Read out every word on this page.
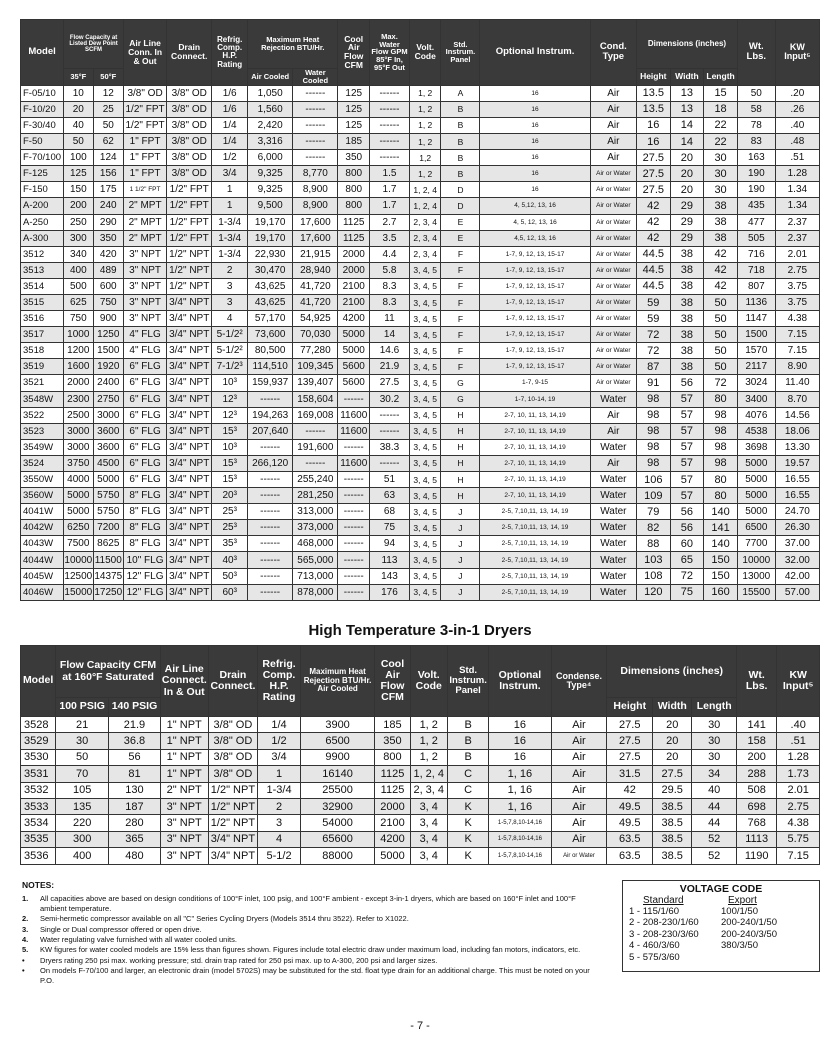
Model	Flow Capacity at Listed Dew Point SCFM		Air Line Conn. In & Out	Drain Connect.	Refrig. Comp. H.P. Rating	Maximum Heat Rejection BTU/Hr.		Cool Air Flow CFM	Max. Water Flow GPM 85°F In, 95°F Out	Volt. Code	Std. Instrum. Panel	Optional Instrum.	Cond. Type	Dimensions (inches)			Wt. Lbs.	KW Input⁵
	35°F	50°F				Air Cooled	Water Cooled							Height	Width	Length		
F-05/10	10	12	3/8" OD	3/8" OD	1/6	1,050	------	125	------	1, 2	A	16	Air	13.5	13	15	50	.20
F-10/20	20	25	1/2" FPT	3/8" OD	1/6	1,560	------	125	------	1, 2	B	16	Air	13.5	13	18	58	.26
F-30/40	40	50	1/2" FPT	3/8" OD	1/4	2,420	------	125	------	1, 2	B	16	Air	16	14	22	78	.40
F-50	50	62	1" FPT	3/8" OD	1/4	3,316	------	185	------	1, 2	B	16	Air	16	14	22	83	.48
F-70/100	100	124	1" FPT	3/8" OD	1/2	6,000	------	350	------	1,2	B	16	Air	27.5	20	30	163	.51
F-125	125	156	1" FPT	3/8" OD	3/4	9,325	8,770	800	1.5	1, 2	B	16	Air or Water	27.5	20	30	190	1.28
F-150	150	175	1 1/2" FPT	1/2" FPT	1	9,325	8,900	800	1.7	1, 2, 4	D	16	Air or Water	27.5	20	30	190	1.34
A-200	200	240	2" MPT	1/2" FPT	1	9,500	8,900	800	1.7	1, 2, 4	D	4, 5,12, 13, 16	Air or Water	42	29	38	435	1.34
A-250	250	290	2" MPT	1/2" FPT	1-3/4	19,170	17,600	1125	2.7	2, 3, 4	E	4, 5, 12, 13, 16	Air or Water	42	29	38	477	2.37
A-300	300	350	2" MPT	1/2" FPT	1-3/4	19,170	17,600	1125	3.5	2, 3, 4	E	4,5, 12, 13, 16	Air or Water	42	29	38	505	2.37
3512	340	420	3" NPT	1/2" NPT	1-3/4	22,930	21,915	2000	4.4	2, 3, 4	F	1-7, 9, 12, 13, 15-17	Air or Water	44.5	38	42	716	2.01
3513	400	489	3" NPT	1/2" NPT	2	30,470	28,940	2000	5.8	3, 4, 5	F	1-7, 9, 12, 13, 15-17	Air or Water	44.5	38	42	718	2.75
3514	500	600	3" NPT	1/2" NPT	3	43,625	41,720	2100	8.3	3, 4, 5	F	1-7, 9, 12, 13, 15-17	Air or Water	44.5	38	42	807	3.75
3515	625	750	3" NPT	3/4" NPT	3	43,625	41,720	2100	8.3	3, 4, 5	F	1-7, 9, 12, 13, 15-17	Air or Water	59	38	50	1136	3.75
3516	750	900	3" NPT	3/4" NPT	4	57,170	54,925	4200	11	3, 4, 5	F	1-7, 9, 12, 13, 15-17	Air or Water	59	38	50	1147	4.38
3517	1000	1250	4" FLG	3/4" NPT	5-1/2²	73,600	70,030	5000	14	3, 4, 5	F	1-7, 9, 12, 13, 15-17	Air or Water	72	38	50	1500	7.15
3518	1200	1500	4" FLG	3/4" NPT	5-1/2²	80,500	77,280	5000	14.6	3, 4, 5	F	1-7, 9, 12, 13, 15-17	Air or Water	72	38	50	1570	7.15
3519	1600	1920	6" FLG	3/4" NPT	7-1/2³	114,510	109,345	5600	21.9	3, 4, 5	F	1-7, 9, 12, 13, 15-17	Air or Water	87	38	50	2117	8.90
3521	2000	2400	6" FLG	3/4" NPT	10³	159,937	139,407	5600	27.5	3, 4, 5	G	1-7, 9-15	Air or Water	91	56	72	3024	11.40
3548W	2300	2750	6" FLG	3/4" NPT	12³	------	158,604	------	30.2	3, 4, 5	G	1-7, 10-14, 19	Water	98	57	80	3400	8.70
3522	2500	3000	6" FLG	3/4" NPT	12³	194,263	169,008	11600	------	3, 4, 5	H	2-7, 10, 11, 13, 14,19	Air	98	57	98	4076	14.56
3523	3000	3600	6" FLG	3/4" NPT	15³	207,640	------	11600	------	3, 4, 5	H	2-7, 10, 11, 13, 14,19	Air	98	57	98	4538	18.06
3549W	3000	3600	6" FLG	3/4" NPT	10³	------	191,600	------	38.3	3, 4, 5	H	2-7, 10, 11, 13, 14,19	Water	98	57	98	3698	13.30
3524	3750	4500	6" FLG	3/4" NPT	15³	266,120	------	11600	------	3, 4, 5	H	2-7, 10, 11, 13, 14,19	Air	98	57	98	5000	19.57
3550W	4000	5000	6" FLG	3/4" NPT	15³	------	255,240	------	51	3, 4, 5	H	2-7, 10, 11, 13, 14,19	Water	106	57	80	5000	16.55
3560W	5000	5750	8" FLG	3/4" NPT	20³	------	281,250	------	63	3, 4, 5	H	2-7, 10, 11, 13, 14,19	Water	109	57	80	5000	16.55
4041W	5000	5750	8" FLG	3/4" NPT	25³	------	313,000	------	68	3, 4, 5	J	2-5, 7,10,11, 13, 14, 19	Water	79	56	140	5000	24.70
4042W	6250	7200	8" FLG	3/4" NPT	25³	------	373,000	------	75	3, 4, 5	J	2-5, 7,10,11, 13, 14, 19	Water	82	56	141	6500	26.30
4043W	7500	8625	8" FLG	3/4" NPT	35³	------	468,000	------	94	3, 4, 5	J	2-5, 7,10,11, 13, 14, 19	Water	88	60	140	7700	37.00
4044W	10000	11500	10" FLG	3/4" NPT	40³	------	565,000	------	113	3, 4, 5	J	2-5, 7,10,11, 13, 14, 19	Water	103	65	150	10000	32.00
4045W	12500	14375	12" FLG	3/4" NPT	50³	------	713,000	------	143	3, 4, 5	J	2-5, 7,10,11, 13, 14, 19	Water	108	72	150	13000	42.00
4046W	15000	17250	12" FLG	3/4" NPT	60³	------	878,000	------	176	3, 4, 5	J	2-5, 7,10,11, 13, 14, 19	Water	120	75	160	15500	57.00
High Temperature 3-in-1 Dryers
Model	Flow Capacity CFM at 160°F Saturated		Air Line Connect. In & Out	Drain Connect.	Refrig. Comp. H.P. Rating	Maximum Heat Rejection BTU/Hr. Air Cooled	Cool Air Flow CFM	Volt. Code	Std. Instrum. Panel	Optional Instrum.	Condense. Type⁴	Dimensions (inches)			Wt. Lbs.	KW Input⁵
	100 PSIG	140 PSIG										Height	Width	Length		
3528	21	21.9	1" NPT	3/8" OD	1/4	3900	185	1, 2	B	16	Air	27.5	20	30	141	.40
3529	30	36.8	1" NPT	3/8" OD	1/2	6500	350	1, 2	B	16	Air	27.5	20	30	158	.51
3530	50	56	1" NPT	3/8" OD	3/4	9900	800	1, 2	B	16	Air	27.5	20	30	200	1.28
3531	70	81	1" NPT	3/8" OD	1	16140	1125	1, 2, 4	C	1, 16	Air	31.5	27.5	34	288	1.73
3532	105	130	2" NPT	1/2" NPT	1-3/4	25500	1125	2, 3, 4	C	1, 16	Air	42	29.5	40	508	2.01
3533	135	187	3" NPT	1/2" NPT	2	32900	2000	3, 4	K	1, 16	Air	49.5	38.5	44	698	2.75
3534	220	280	3" NPT	1/2" NPT	3	54000	2100	3, 4	K	1-5,7,8,10-14,16	Air	49.5	38.5	44	768	4.38
3535	300	365	3" NPT	3/4" NPT	4	65600	4200	3, 4	K	1-5,7,8,10-14,16	Air	63.5	38.5	52	1113	5.75
3536	400	480	3" NPT	3/4" NPT	5-1/2	88000	5000	3, 4	K	1-5,7,8,10-14,16	Air or Water	63.5	38.5	52	1190	7.15
NOTES:
1.	All capacities above are based on design conditions of 100°F inlet, 100 psig, and 100°F ambient - except 3-in-1 dryers, which are based on 160°F inlet and 100°F ambient temperature.
2.	Semi-hermetic compressor available on all "C" Series Cycling Dryers (Models 3514 thru 3522). Refer to X1022.
3.	Single or Dual compressor offered or open drive.
4.	Water regulating valve furnished with all water cooled units.
5.	KW figures for water cooled models are 15% less than figures shown. Figures include total electric draw under maximum load, including fan motors, indicators, etc.
•	Dryers rating 250 psi max. working pressure; std. drain trap rated for 250 psi max. up to A-300, 200 psi and larger sizes.
•	On models F-70/100 and larger, an electronic drain (model 5702S) may be substituted for the std. float type drain for an additional charge. This must be noted on your P.O.
VOLTAGE CODE
Standard	Export
1 - 115/1/60	100/1/50
2 - 208-230/1/60	200-240/1/50
3 - 208-230/3/60	200-240/3/50
4 - 460/3/60	380/3/50
5 - 575/3/60
- 7 -
